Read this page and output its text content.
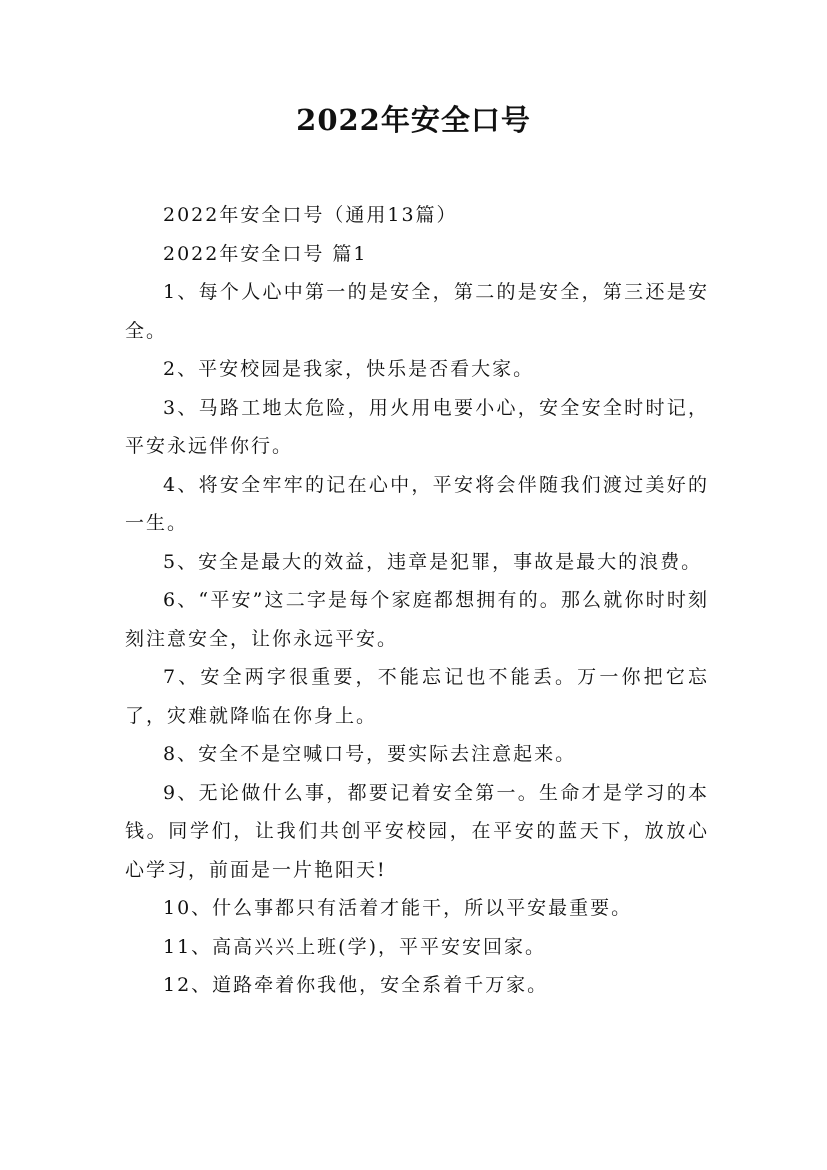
2022年安全口号

2022年安全口号（通用13篇）

2022年安全口号 篇1

1、每个人心中第一的是安全，第二的是安全，第三还是安全。

2、平安校园是我家，快乐是否看大家。

3、马路工地太危险，用火用电要小心，安全安全时时记，平安永远伴你行。

4、将安全牢牢的记在心中，平安将会伴随我们渡过美好的一生。

5、安全是最大的效益，违章是犯罪，事故是最大的浪费。

6、“平安”这二字是每个家庭都想拥有的。那么就你时时刻刻注意安全，让你永远平安。

7、安全两字很重要，不能忘记也不能丢。万一你把它忘了，灾难就降临在你身上。

8、安全不是空喊口号，要实际去注意起来。

9、无论做什么事，都要记着安全第一。生命才是学习的本钱。同学们，让我们共创平安校园，在平安的蓝天下，放放心心学习，前面是一片艳阳天!

10、什么事都只有活着才能干，所以平安最重要。

11、高高兴兴上班(学)，平平安安回家。

12、道路牵着你我他，安全系着千万家。
